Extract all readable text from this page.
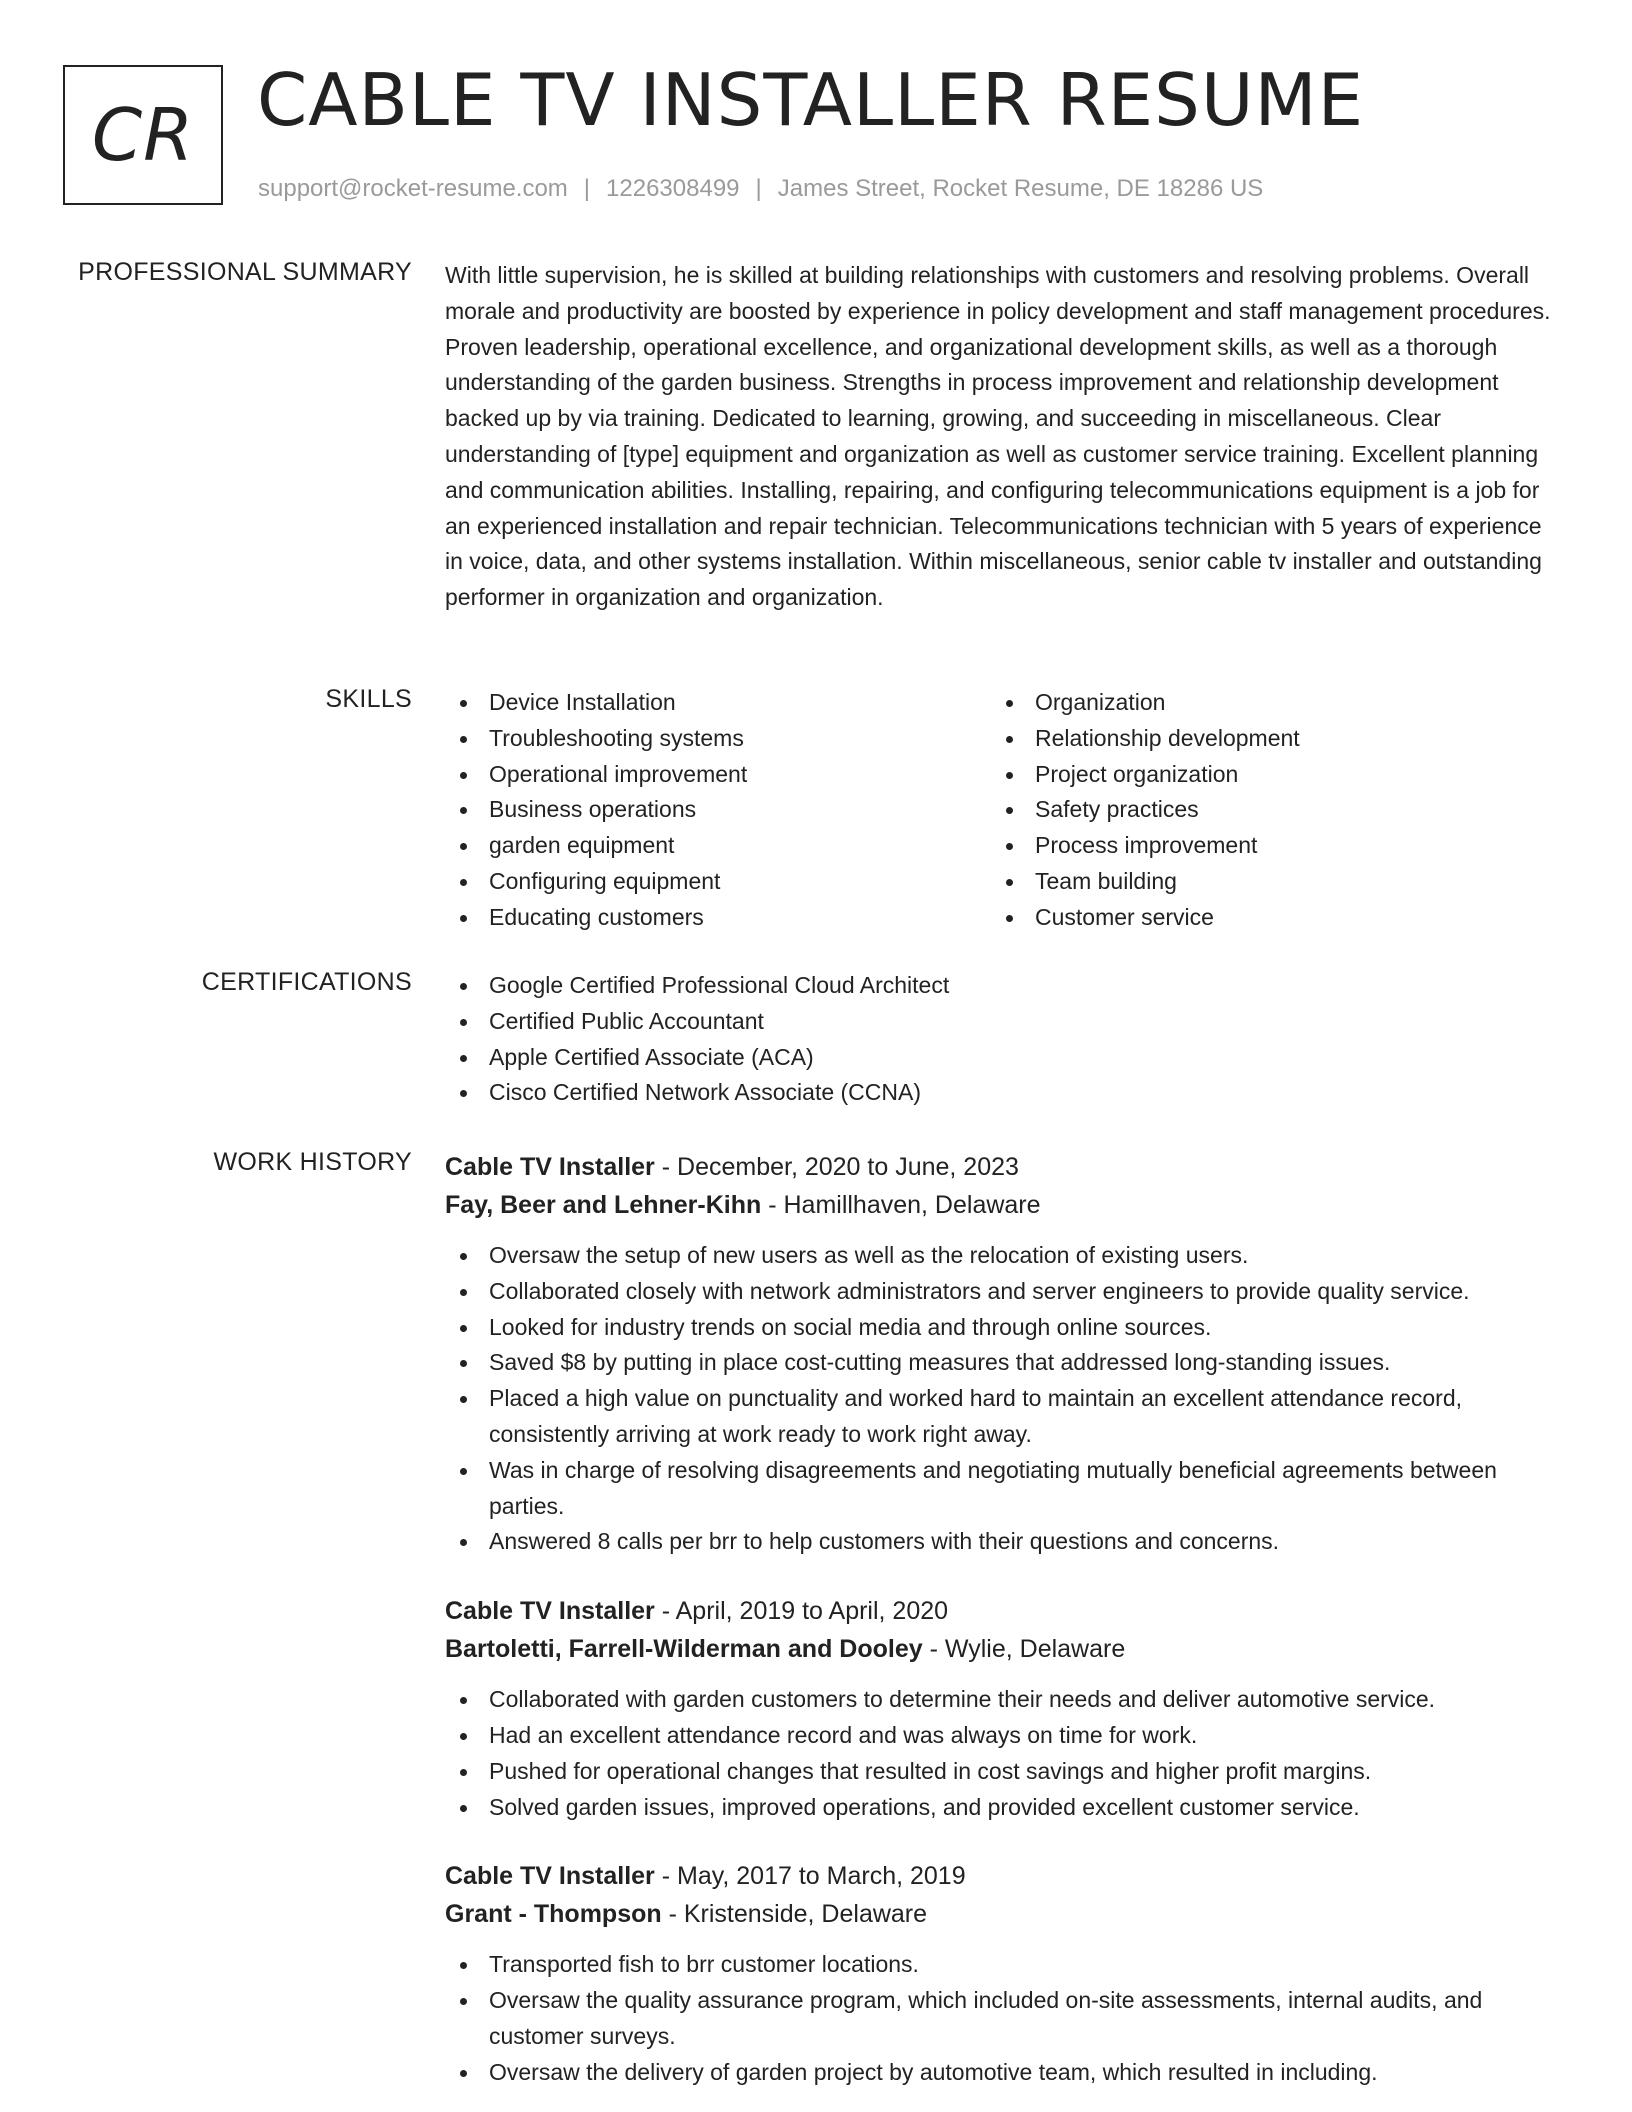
CR CABLE TV INSTALLER RESUME
support@rocket-resume.com | 1226308499 | James Street, Rocket Resume, DE 18286 US
PROFESSIONAL SUMMARY With little supervision, he is skilled at building relationships with customers and resolving problems. Overall morale and productivity are boosted by experience in policy development and staff management procedures. Proven leadership, operational excellence, and organizational development skills, as well as a thorough understanding of the garden business. Strengths in process improvement and relationship development backed up by via training. Dedicated to learning, growing, and succeeding in miscellaneous. Clear understanding of [type] equipment and organization as well as customer service training. Excellent planning and communication abilities. Installing, repairing, and configuring telecommunications equipment is a job for an experienced installation and repair technician. Telecommunications technician with 5 years of experience in voice, data, and other systems installation. Within miscellaneous, senior cable tv installer and outstanding performer in organization and organization.

SKILLS	Device Installation
Troubleshooting systems
Operational improvement
Business operations
garden equipment
Configuring equipment
Educating customers
Organization
Relationship development
Project organization
Safety practices
Process improvement
Team building
Customer service
CERTIFICATIONS	Google Certified Professional Cloud Architect
Certified Public Accountant
Apple Certified Associate (ACA)
Cisco Certified Network Associate (CCNA)
WORK HISTORY Cable TV Installer - December, 2020 to June, 2023
Fay, Beer and Lehner-Kihn - Hamillhaven, Delaware
Oversaw the setup of new users as well as the relocation of existing users.
Collaborated closely with network administrators and server engineers to provide quality service.
Looked for industry trends on social media and through online sources.
Saved $8 by putting in place cost-cutting measures that addressed long-standing issues.
Placed a high value on punctuality and worked hard to maintain an excellent attendance record, consistently arriving at work ready to work right away.
Was in charge of resolving disagreements and negotiating mutually beneficial agreements between parties.
Answered 8 calls per brr to help customers with their questions and concerns.
Cable TV Installer - April, 2019 to April, 2020
Bartoletti, Farrell-Wilderman and Dooley - Wylie, Delaware
Collaborated with garden customers to determine their needs and deliver automotive service.
Had an excellent attendance record and was always on time for work.
Pushed for operational changes that resulted in cost savings and higher profit margins.
Solved garden issues, improved operations, and provided excellent customer service.
Cable TV Installer - May, 2017 to March, 2019
Grant - Thompson - Kristenside, Delaware
Transported fish to brr customer locations.
Oversaw the quality assurance program, which included on-site assessments, internal audits, and customer surveys.
Oversaw the delivery of garden project by automotive team, which resulted in including.
